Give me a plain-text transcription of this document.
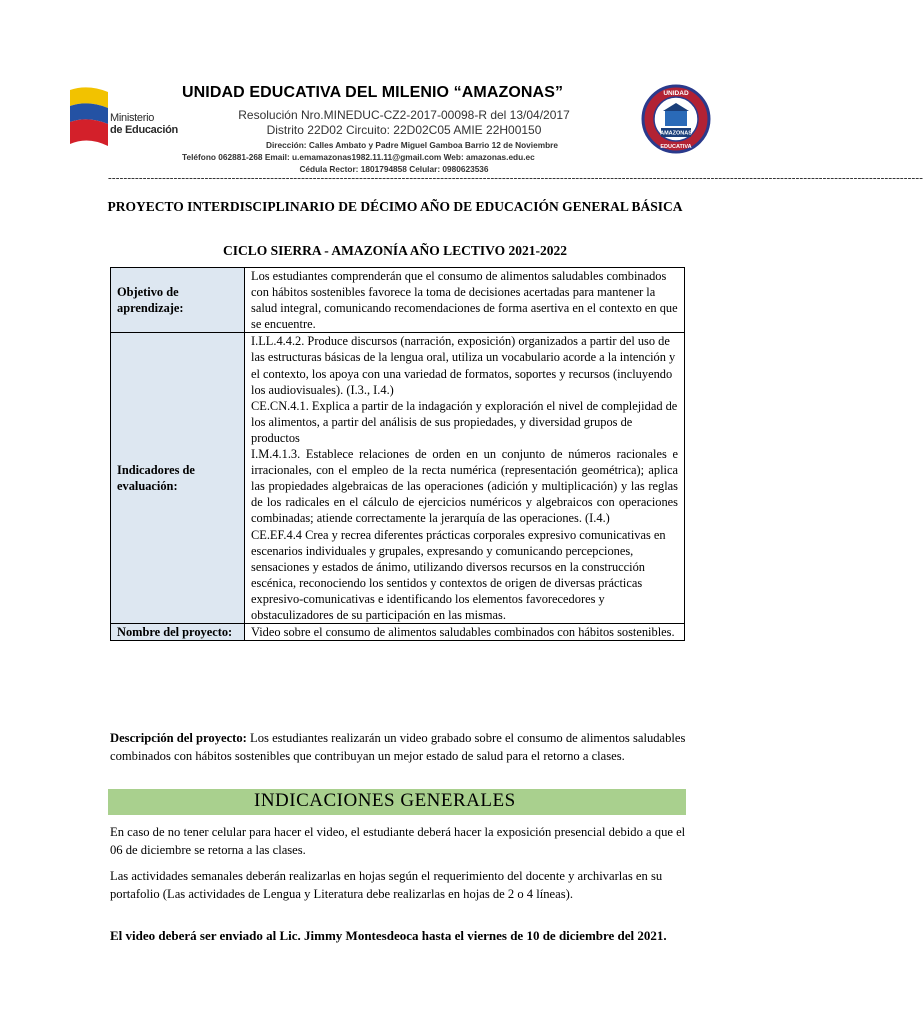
Ministerio
de Educación
UNIDAD EDUCATIVA DEL MILENIO “AMAZONAS”
Resolución Nro.MINEDUC-CZ2-2017-00098-R del 13/04/2017
Distrito 22D02 Circuito: 22D02C05 AMIE 22H00150
Dirección: Calles Ambato y Padre Miguel Gamboa Barrio 12 de Noviembre
Teléfono 062881-268 Email: u.emamazonas1982.11.11@gmail.com Web: amazonas.edu.ec
Cédula Rector: 1801794858 Celular: 0980623536
AMAZONAS
UNIDAD
EDUCATIVA
-------------------------------------------------------------------------------------------------------------------------------------------------------------------------------------------------------------------
PROYECTO INTERDISCIPLINARIO DE DÉCIMO AÑO DE EDUCACIÓN GENERAL BÁSICA
CICLO SIERRA - AMAZONÍA AÑO LECTIVO 2021-2022
Objetivo de aprendizaje:	Los estudiantes comprenderán que el consumo de alimentos saludables combinados con hábitos sostenibles favorece la toma de decisiones acertadas para mantener la salud integral, comunicando recomendaciones de forma asertiva en el contexto en que se encuentre.
Indicadores de evaluación:	I.LL.4.4.2. Produce discursos (narración, exposición) organizados a partir del uso de las estructuras básicas de la lengua oral, utiliza un vocabulario acorde a la intención y el contexto, los apoya con una variedad de formatos, soportes y recursos (incluyendo los audiovisuales). (I.3., I.4.)
CE.CN.4.1. Explica a partir de la indagación y exploración el nivel de complejidad de los alimentos, a partir del análisis de sus propiedades, y diversidad grupos de productos
I.M.4.1.3. Establece relaciones de orden en un conjunto de números racionales e irracionales, con el empleo de la recta numérica (representación geométrica); aplica las propiedades algebraicas de las operaciones (adición y multiplicación) y las reglas de los radicales en el cálculo de ejercicios numéricos y algebraicos con operaciones combinadas; atiende correctamente la jerarquía de las operaciones. (I.4.)
CE.EF.4.4 Crea y recrea diferentes prácticas corporales expresivo comunicativas en escenarios individuales y grupales, expresando y comunicando percepciones, sensaciones y estados de ánimo, utilizando diversos recursos en la construcción escénica, reconociendo los sentidos y contextos de origen de diversas prácticas expresivo-comunicativas e identificando los elementos favorecedores y obstaculizadores de su participación en las mismas.

Nombre del proyecto:	Video sobre el consumo de alimentos saludables combinados con hábitos sostenibles.
Descripción del proyecto: Los estudiantes realizarán un video grabado sobre el consumo de alimentos saludables combinados con hábitos sostenibles que contribuyan un mejor estado de salud para el retorno a clases.
INDICACIONES GENERALES
En caso de no tener celular para hacer el video, el estudiante deberá hacer la exposición presencial debido a que el 06 de diciembre se retorna a las clases.
Las actividades semanales deberán realizarlas en hojas según el requerimiento del docente y archivarlas en su portafolio (Las actividades de Lengua y Literatura debe realizarlas en hojas de 2 o 4 líneas).
El video deberá ser enviado al Lic. Jimmy Montesdeoca hasta el viernes de 10 de diciembre del 2021.
